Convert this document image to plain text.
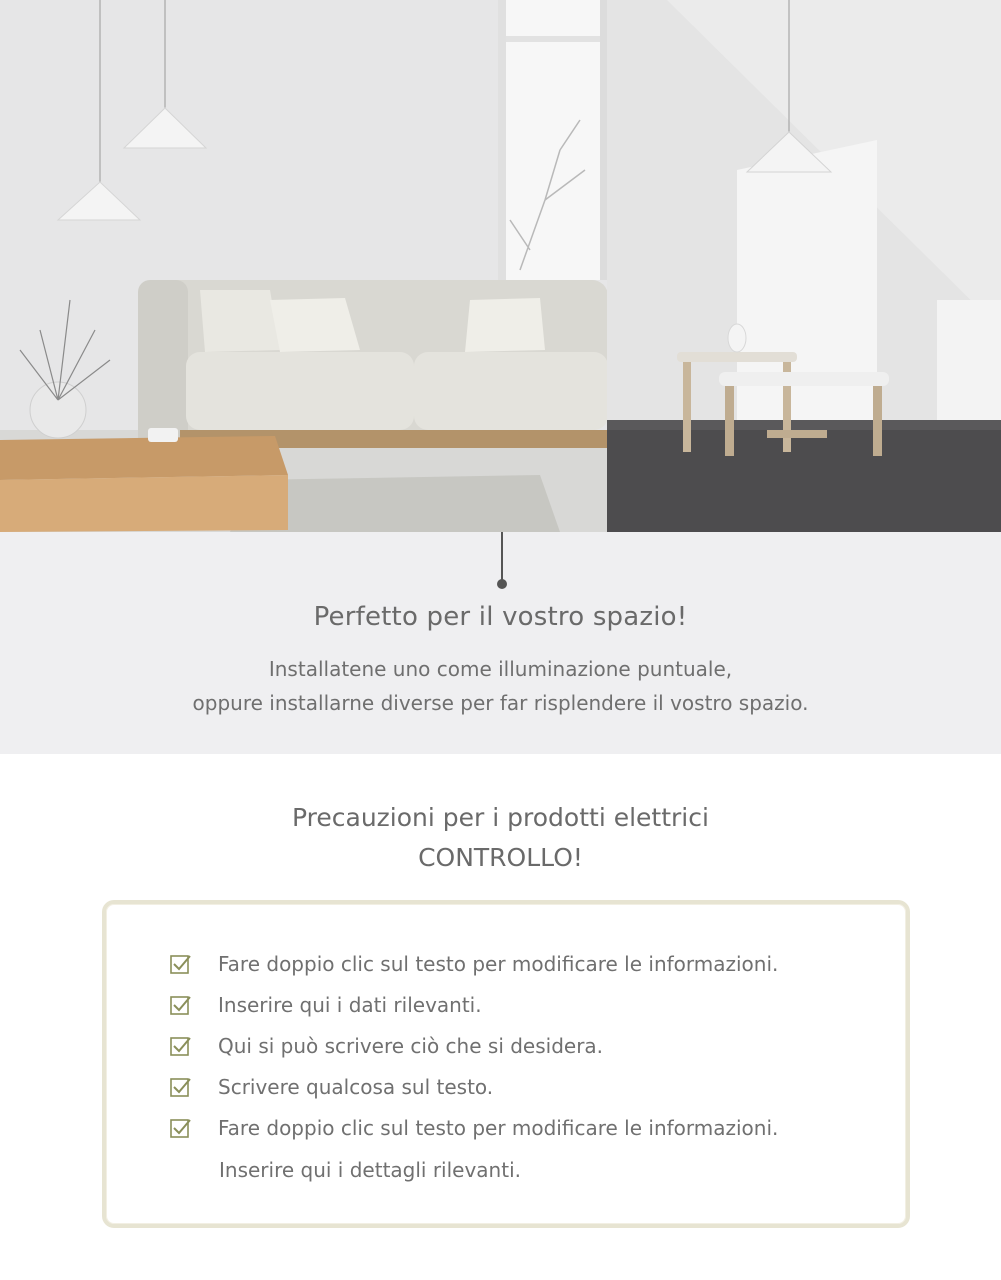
Perfetto per il vostro spazio!
Installatene uno come illuminazione puntuale,
oppure installarne diverse per far risplendere il vostro spazio.
Precauzioni per i prodotti elettrici
CONTROLLO!
Fare doppio clic sul testo per modificare le informazioni.
Inserire qui i dati rilevanti.
Qui si può scrivere ciò che si desidera.
Scrivere qualcosa sul testo.
Fare doppio clic sul testo per modificare le informazioni.
Inserire qui i dettagli rilevanti.
